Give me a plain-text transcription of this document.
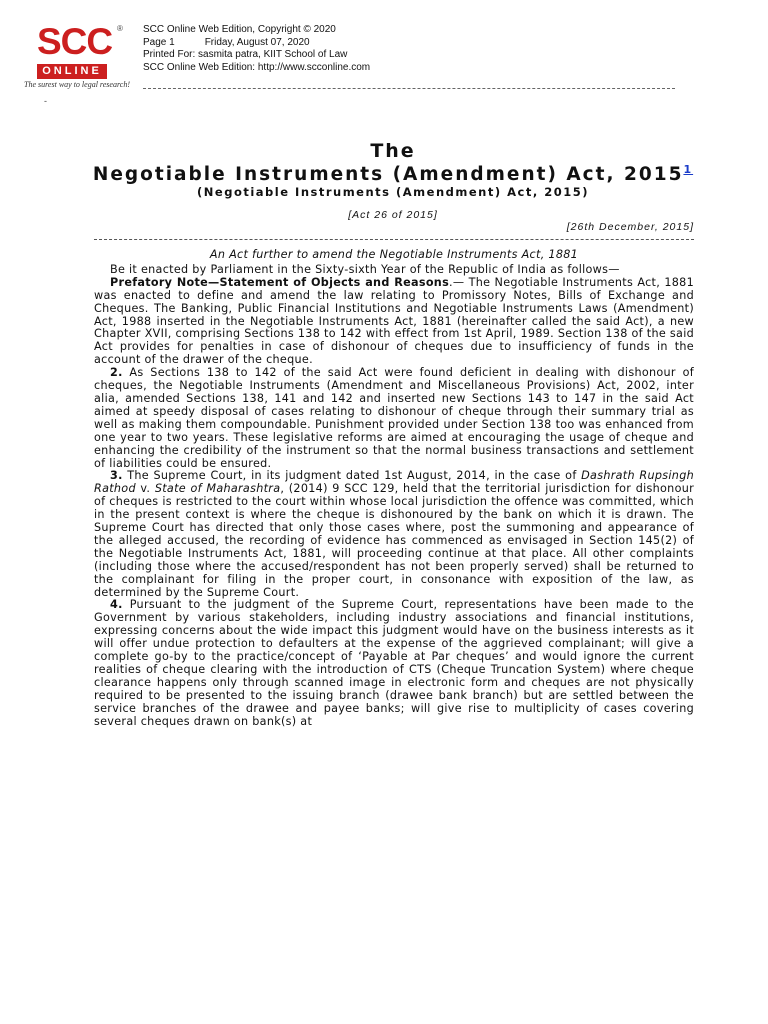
SCC ®
ONLINE
The surest way to legal research!
-
SCC Online Web Edition, Copyright © 2020
Page 1	Friday, August 07, 2020
Printed For: sasmita patra, KIIT School of Law
SCC Online Web Edition: http://www.scconline.com
The
Negotiable Instruments (Amendment) Act, 2015$^1$
(Negotiable Instruments (Amendment) Act, 2015)
[Act 26 of 2015]
[26th December, 2015]

An Act further to amend the Negotiable Instruments Act, 1881

Be it enacted by Parliament in the Sixty-sixth Year of the Republic of India as follows—

Prefatory Note—Statement of Objects and Reasons.— The Negotiable Instruments Act, 1881 was enacted to define and amend the law relating to Promissory Notes, Bills of Exchange and Cheques. The Banking, Public Financial Institutions and Negotiable Instruments Laws (Amendment) Act, 1988 inserted in the Negotiable Instruments Act, 1881 (hereinafter called the said Act), a new Chapter XVII, comprising Sections 138 to 142 with effect from 1st April, 1989. Section 138 of the said Act provides for penalties in case of dishonour of cheques due to insufficiency of funds in the account of the drawer of the cheque.

2. As Sections 138 to 142 of the said Act were found deficient in dealing with dishonour of cheques, the Negotiable Instruments (Amendment and Miscellaneous Provisions) Act, 2002, inter alia, amended Sections 138, 141 and 142 and inserted new Sections 143 to 147 in the said Act aimed at speedy disposal of cases relating to dishonour of cheque through their summary trial as well as making them compoundable. Punishment provided under Section 138 too was enhanced from one year to two years. These legislative reforms are aimed at encouraging the usage of cheque and enhancing the credibility of the instrument so that the normal business transactions and settlement of liabilities could be ensured.

3. The Supreme Court, in its judgment dated 1st August, 2014, in the case of Dashrath Rupsingh Rathod v. State of Maharashtra, (2014) 9 SCC 129, held that the territorial jurisdiction for dishonour of cheques is restricted to the court within whose local jurisdiction the offence was committed, which in the present context is where the cheque is dishonoured by the bank on which it is drawn. The Supreme Court has directed that only those cases where, post the summoning and appearance of the alleged accused, the recording of evidence has commenced as envisaged in Section 145(2) of the Negotiable Instruments Act, 1881, will proceeding continue at that place. All other complaints (including those where the accused/respondent has not been properly served) shall be returned to the complainant for filing in the proper court, in consonance with exposition of the law, as determined by the Supreme Court.

4. Pursuant to the judgment of the Supreme Court, representations have been made to the Government by various stakeholders, including industry associations and financial institutions, expressing concerns about the wide impact this judgment would have on the business interests as it will offer undue protection to defaulters at the expense of the aggrieved complainant; will give a complete go-by to the practice/concept of ‘Payable at Par cheques’ and would ignore the current realities of cheque clearing with the introduction of CTS (Cheque Truncation System) where cheque clearance happens only through scanned image in electronic form and cheques are not physically required to be presented to the issuing branch (drawee bank branch) but are settled between the service branches of the drawee and payee banks; will give rise to multiplicity of cases covering several cheques drawn on bank(s) at
